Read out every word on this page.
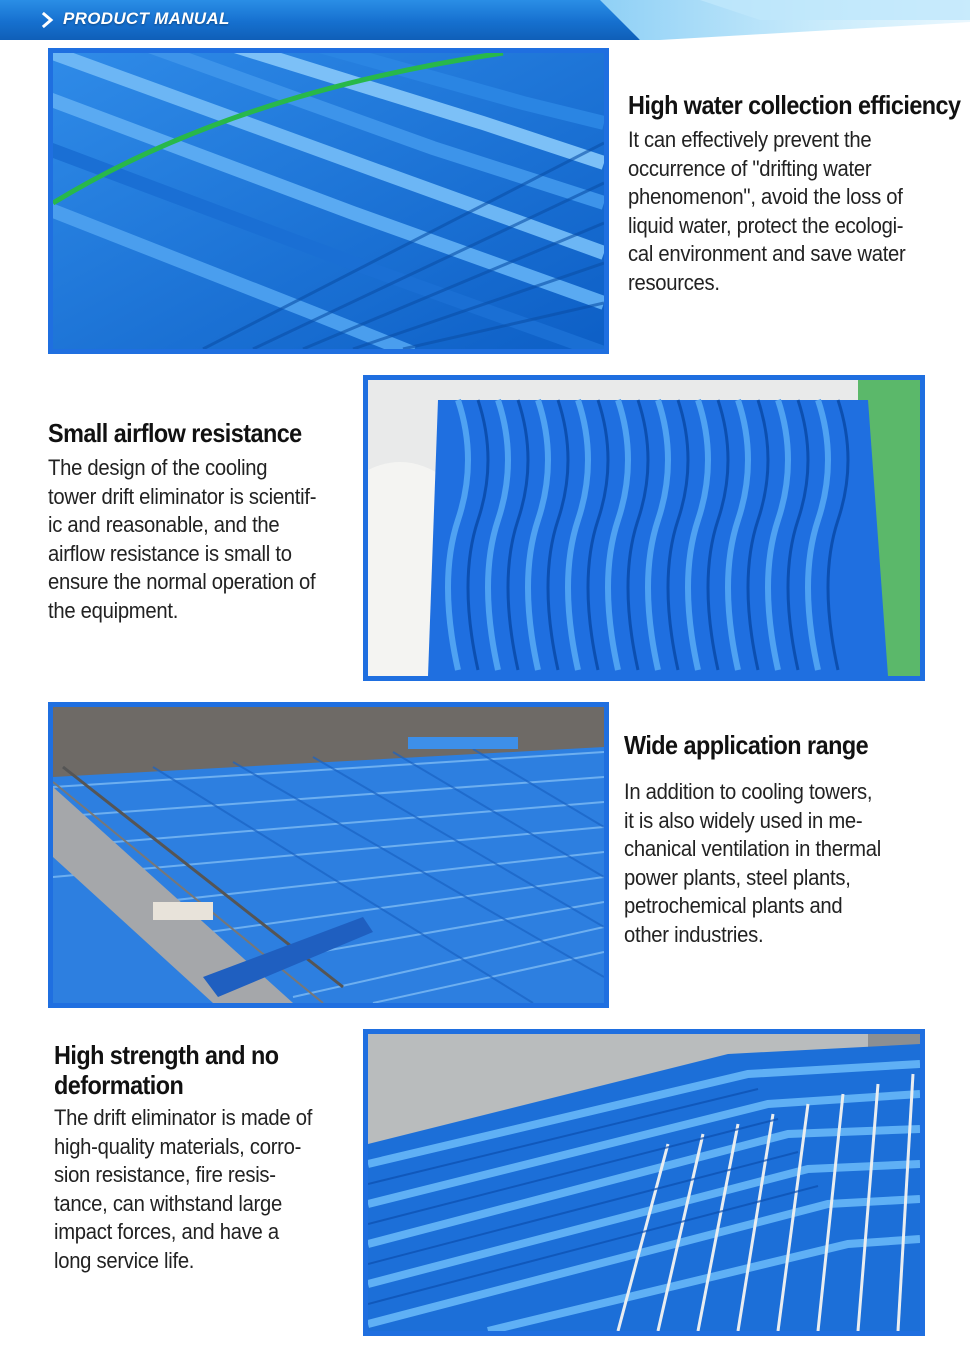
PRODUCT MANUAL
High water collection efficiency

It can effectively prevent the
occurrence of "drifting water
phenomenon", avoid the loss of
liquid water, protect the ecologi-
cal environment and save water
resources.

Small airflow resistance

The design of the cooling
tower drift eliminator is scientif-
ic and reasonable, and the
airflow resistance is small to
ensure the normal operation of
the equipment.

Wide application range

In addition to cooling towers,
it is also widely used in me-
chanical ventilation in thermal
power plants, steel plants,
petrochemical plants and
other industries.

High strength and no
deformation

The drift eliminator is made of
high-quality materials, corro-
sion resistance, fire resis-
tance, can withstand large
impact forces, and have a
long service life.
